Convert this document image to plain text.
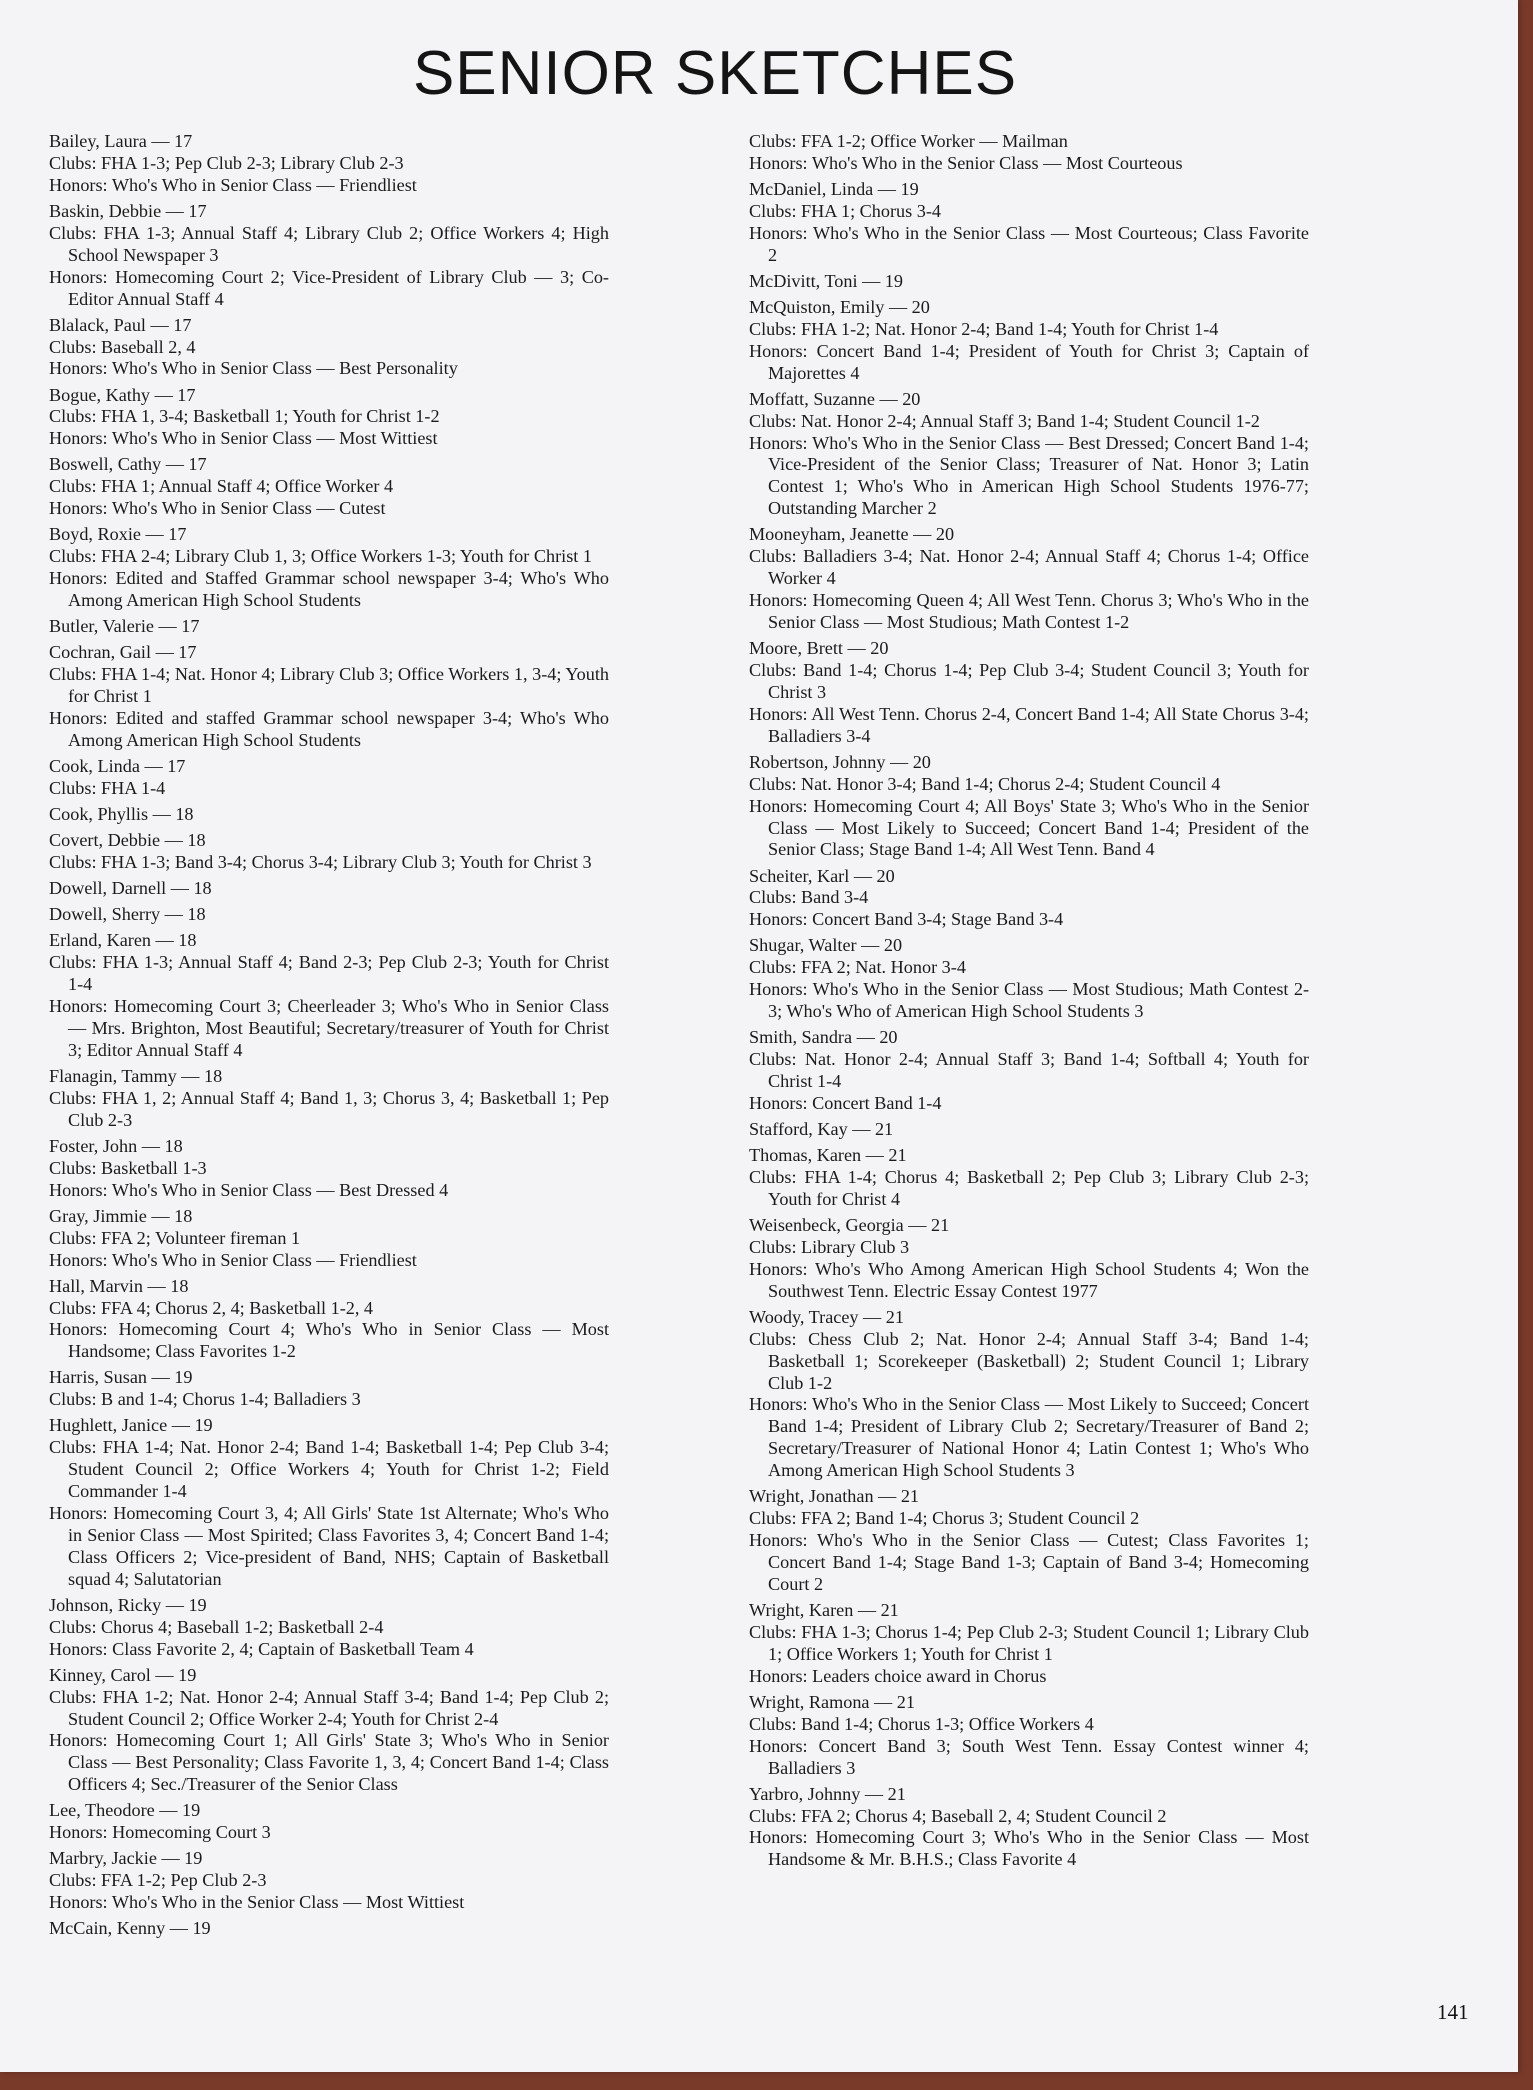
SENIOR SKETCHES
Bailey, Laura — 17
Clubs: FHA 1-3; Pep Club 2-3; Library Club 2-3
Honors: Who's Who in Senior Class — Friendliest
Baskin, Debbie — 17
Clubs: FHA 1-3; Annual Staff 4; Library Club 2; Office Workers 4; High School Newspaper 3
Honors: Homecoming Court 2; Vice-President of Library Club — 3; Co-Editor Annual Staff 4
Blalack, Paul — 17
Clubs: Baseball 2, 4
Honors: Who's Who in Senior Class — Best Personality
Bogue, Kathy — 17
Clubs: FHA 1, 3-4; Basketball 1; Youth for Christ 1-2
Honors: Who's Who in Senior Class — Most Wittiest
Boswell, Cathy — 17
Clubs: FHA 1; Annual Staff 4; Office Worker 4
Honors: Who's Who in Senior Class — Cutest
Boyd, Roxie — 17
Clubs: FHA 2-4; Library Club 1, 3; Office Workers 1-3; Youth for Christ 1
Honors: Edited and Staffed Grammar school newspaper 3-4; Who's Who Among American High School Students
Butler, Valerie — 17
Cochran, Gail — 17
Clubs: FHA 1-4; Nat. Honor 4; Library Club 3; Office Workers 1, 3-4; Youth for Christ 1
Honors: Edited and staffed Grammar school newspaper 3-4; Who's Who Among American High School Students
Cook, Linda — 17
Clubs: FHA 1-4
Cook, Phyllis — 18
Covert, Debbie — 18
Clubs: FHA 1-3; Band 3-4; Chorus 3-4; Library Club 3; Youth for Christ 3
Dowell, Darnell — 18
Dowell, Sherry — 18
Erland, Karen — 18
Clubs: FHA 1-3; Annual Staff 4; Band 2-3; Pep Club 2-3; Youth for Christ 1-4
Honors: Homecoming Court 3; Cheerleader 3; Who's Who in Senior Class — Mrs. Brighton, Most Beautiful; Secretary/treasurer of Youth for Christ 3; Editor Annual Staff 4
Flanagin, Tammy — 18
Clubs: FHA 1, 2; Annual Staff 4; Band 1, 3; Chorus 3, 4; Basketball 1; Pep Club 2-3
Foster, John — 18
Clubs: Basketball 1-3
Honors: Who's Who in Senior Class — Best Dressed 4
Gray, Jimmie — 18
Clubs: FFA 2; Volunteer fireman 1
Honors: Who's Who in Senior Class — Friendliest
Hall, Marvin — 18
Clubs: FFA 4; Chorus 2, 4; Basketball 1-2, 4
Honors: Homecoming Court 4; Who's Who in Senior Class — Most Handsome; Class Favorites 1-2
Harris, Susan — 19
Clubs: B and 1-4; Chorus 1-4; Balladiers 3
Hughlett, Janice — 19
Clubs: FHA 1-4; Nat. Honor 2-4; Band 1-4; Basketball 1-4; Pep Club 3-4; Student Council 2; Office Workers 4; Youth for Christ 1-2; Field Commander 1-4
Honors: Homecoming Court 3, 4; All Girls' State 1st Alternate; Who's Who in Senior Class — Most Spirited; Class Favorites 3, 4; Concert Band 1-4; Class Officers 2; Vice-president of Band, NHS; Captain of Basketball squad 4; Salutatorian
Johnson, Ricky — 19
Clubs: Chorus 4; Baseball 1-2; Basketball 2-4
Honors: Class Favorite 2, 4; Captain of Basketball Team 4
Kinney, Carol — 19
Clubs: FHA 1-2; Nat. Honor 2-4; Annual Staff 3-4; Band 1-4; Pep Club 2; Student Council 2; Office Worker 2-4; Youth for Christ 2-4
Honors: Homecoming Court 1; All Girls' State 3; Who's Who in Senior Class — Best Personality; Class Favorite 1, 3, 4; Concert Band 1-4; Class Officers 4; Sec./Treasurer of the Senior Class
Lee, Theodore — 19
Honors: Homecoming Court 3
Marbry, Jackie — 19
Clubs: FFA 1-2; Pep Club 2-3
Honors: Who's Who in the Senior Class — Most Wittiest
McCain, Kenny — 19
Clubs: FFA 1-2; Office Worker — Mailman
Honors: Who's Who in the Senior Class — Most Courteous
McDaniel, Linda — 19
Clubs: FHA 1; Chorus 3-4
Honors: Who's Who in the Senior Class — Most Courteous; Class Favorite 2
McDivitt, Toni — 19
McQuiston, Emily — 20
Clubs: FHA 1-2; Nat. Honor 2-4; Band 1-4; Youth for Christ 1-4
Honors: Concert Band 1-4; President of Youth for Christ 3; Captain of Majorettes 4
Moffatt, Suzanne — 20
Clubs: Nat. Honor 2-4; Annual Staff 3; Band 1-4; Student Council 1-2
Honors: Who's Who in the Senior Class — Best Dressed; Concert Band 1-4; Vice-President of the Senior Class; Treasurer of Nat. Honor 3; Latin Contest 1; Who's Who in American High School Students 1976-77; Outstanding Marcher 2
Mooneyham, Jeanette — 20
Clubs: Balladiers 3-4; Nat. Honor 2-4; Annual Staff 4; Chorus 1-4; Office Worker 4
Honors: Homecoming Queen 4; All West Tenn. Chorus 3; Who's Who in the Senior Class — Most Studious; Math Contest 1-2
Moore, Brett — 20
Clubs: Band 1-4; Chorus 1-4; Pep Club 3-4; Student Council 3; Youth for Christ 3
Honors: All West Tenn. Chorus 2-4, Concert Band 1-4; All State Chorus 3-4; Balladiers 3-4
Robertson, Johnny — 20
Clubs: Nat. Honor 3-4; Band 1-4; Chorus 2-4; Student Council 4
Honors: Homecoming Court 4; All Boys' State 3; Who's Who in the Senior Class — Most Likely to Succeed; Concert Band 1-4; President of the Senior Class; Stage Band 1-4; All West Tenn. Band 4
Scheiter, Karl — 20
Clubs: Band 3-4
Honors: Concert Band 3-4; Stage Band 3-4
Shugar, Walter — 20
Clubs: FFA 2; Nat. Honor 3-4
Honors: Who's Who in the Senior Class — Most Studious; Math Contest 2-3; Who's Who of American High School Students 3
Smith, Sandra — 20
Clubs: Nat. Honor 2-4; Annual Staff 3; Band 1-4; Softball 4; Youth for Christ 1-4
Honors: Concert Band 1-4
Stafford, Kay — 21
Thomas, Karen — 21
Clubs: FHA 1-4; Chorus 4; Basketball 2; Pep Club 3; Library Club 2-3; Youth for Christ 4
Weisenbeck, Georgia — 21
Clubs: Library Club 3
Honors: Who's Who Among American High School Students 4; Won the Southwest Tenn. Electric Essay Contest 1977
Woody, Tracey — 21
Clubs: Chess Club 2; Nat. Honor 2-4; Annual Staff 3-4; Band 1-4; Basketball 1; Scorekeeper (Basketball) 2; Student Council 1; Library Club 1-2
Honors: Who's Who in the Senior Class — Most Likely to Succeed; Concert Band 1-4; President of Library Club 2; Secretary/Treasurer of Band 2; Secretary/Treasurer of National Honor 4; Latin Contest 1; Who's Who Among American High School Students 3
Wright, Jonathan — 21
Clubs: FFA 2; Band 1-4; Chorus 3; Student Council 2
Honors: Who's Who in the Senior Class — Cutest; Class Favorites 1; Concert Band 1-4; Stage Band 1-3; Captain of Band 3-4; Homecoming Court 2
Wright, Karen — 21
Clubs: FHA 1-3; Chorus 1-4; Pep Club 2-3; Student Council 1; Library Club 1; Office Workers 1; Youth for Christ 1
Honors: Leaders choice award in Chorus
Wright, Ramona — 21
Clubs: Band 1-4; Chorus 1-3; Office Workers 4
Honors: Concert Band 3; South West Tenn. Essay Contest winner 4; Balladiers 3
Yarbro, Johnny — 21
Clubs: FFA 2; Chorus 4; Baseball 2, 4; Student Council 2
Honors: Homecoming Court 3; Who's Who in the Senior Class — Most Handsome & Mr. B.H.S.; Class Favorite 4
141
